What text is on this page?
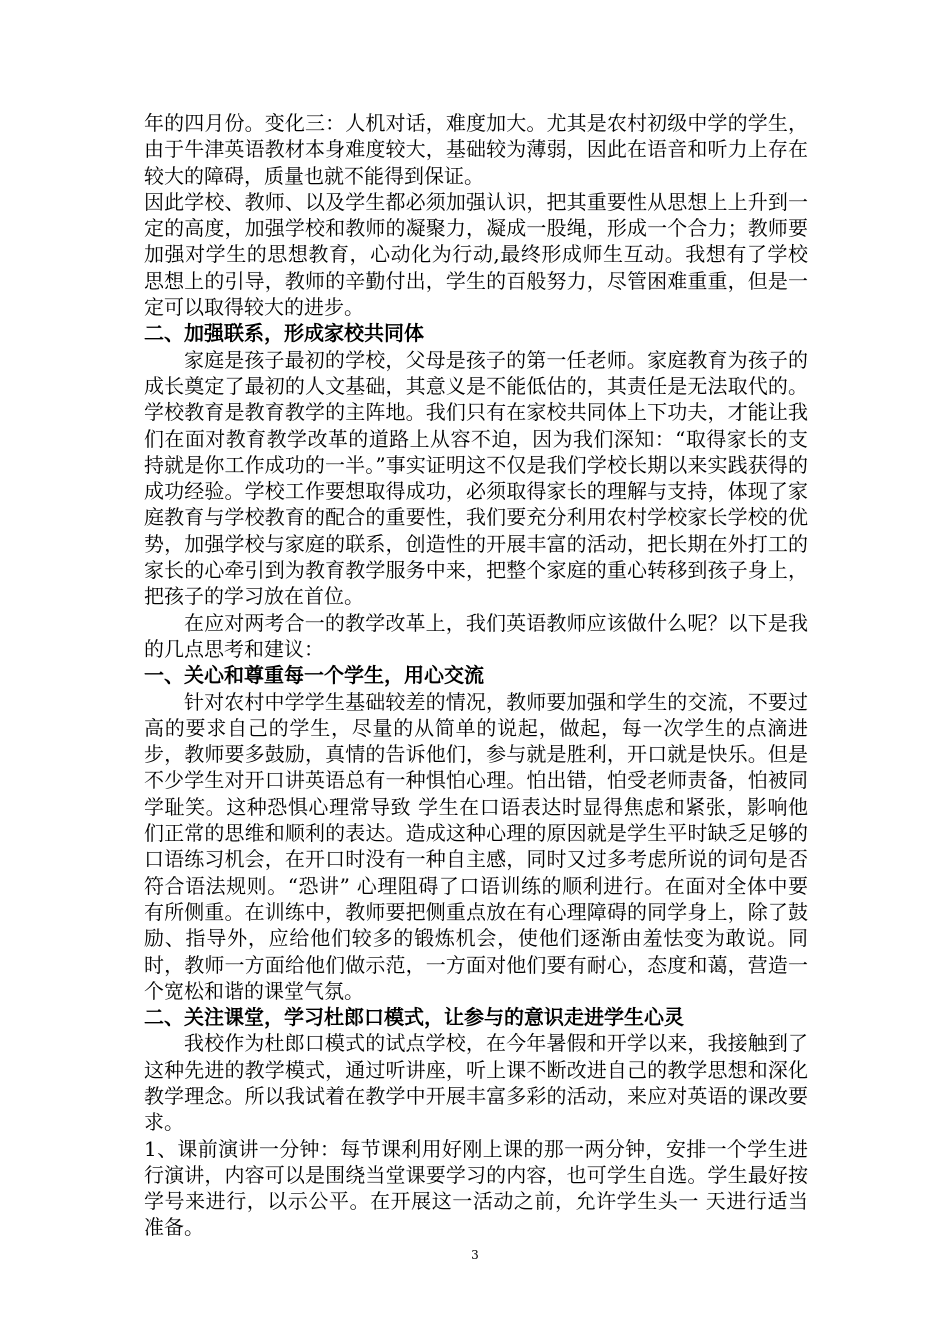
年的四月份。变化三：人机对话，难度加大。尤其是农村初级中学的学生，由于牛津英语教材本身难度较大，基础较为薄弱，因此在语音和听力上存在较大的障碍，质量也就不能得到保证。

因此学校、教师、以及学生都必须加强认识，把其重要性从思想上上升到一定的高度，加强学校和教师的凝聚力，凝成一股绳，形成一个合力；教师要加强对学生的思想教育，心动化为行动,最终形成师生互动。我想有了学校思想上的引导，教师的辛勤付出，学生的百般努力，尽管困难重重，但是一定可以取得较大的进步。

二、加强联系，形成家校共同体

家庭是孩子最初的学校，父母是孩子的第一任老师。家庭教育为孩子的成长奠定了最初的人文基础，其意义是不能低估的，其责任是无法取代的。学校教育是教育教学的主阵地。我们只有在家校共同体上下功夫，才能让我们在面对教育教学改革的道路上从容不迫，因为我们深知：“取得家长的支持就是你工作成功的一半。”事实证明这不仅是我们学校长期以来实践获得的成功经验。学校工作要想取得成功，必须取得家长的理解与支持，体现了家庭教育与学校教育的配合的重要性，我们要充分利用农村学校家长学校的优势，加强学校与家庭的联系，创造性的开展丰富的活动，把长期在外打工的家长的心牵引到为教育教学服务中来，把整个家庭的重心转移到孩子身上，把孩子的学习放在首位。

在应对两考合一的教学改革上，我们英语教师应该做什么呢？以下是我的几点思考和建议：

一、关心和尊重每一个学生，用心交流

针对农村中学学生基础较差的情况，教师要加强和学生的交流，不要过高的要求自己的学生，尽量的从简单的说起，做起，每一次学生的点滴进步，教师要多鼓励，真情的告诉他们，参与就是胜利，开口就是快乐。但是不少学生对开口讲英语总有一种惧怕心理。怕出错，怕受老师责备，怕被同学耻笑。这种恐惧心理常导致 学生在口语表达时显得焦虑和紧张，影响他们正常的思维和顺利的表达。造成这种心理的原因就是学生平时缺乏足够的口语练习机会，在开口时没有一种自主感，同时又过多考虑所说的词句是否符合语法规则。“恐讲” 心理阻碍了口语训练的顺利进行。在面对全体中要有所侧重。在训练中，教师要把侧重点放在有心理障碍的同学身上，除了鼓励、指导外，应给他们较多的锻炼机会，使他们逐渐由羞怯变为敢说。同时，教师一方面给他们做示范，一方面对他们要有耐心，态度和蔼，营造一个宽松和谐的课堂气氛。

二、关注课堂，学习杜郎口模式，让参与的意识走进学生心灵

我校作为杜郎口模式的试点学校，在今年暑假和开学以来，我接触到了这种先进的教学模式，通过听讲座，听上课不断改进自己的教学思想和深化教学理念。所以我试着在教学中开展丰富多彩的活动，来应对英语的课改要求。

1、课前演讲一分钟：每节课利用好刚上课的那一两分钟，安排一个学生进行演讲，内容可以是围绕当堂课要学习的内容，也可学生自选。学生最好按学号来进行，以示公平。在开展这一活动之前，允许学生头一 天进行适当准备。

3
